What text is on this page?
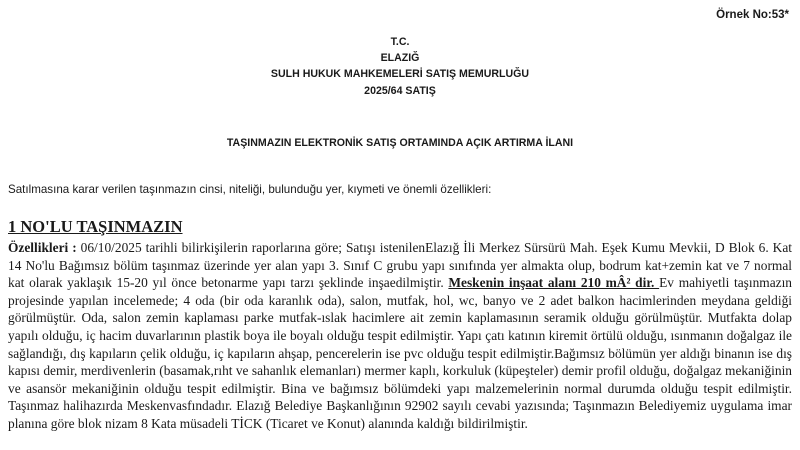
Örnek No:53*
T.C.
ELAZIĞ
SULH HUKUK MAHKEMELERİ SATIŞ MEMURLUĞU
2025/64 SATIŞ
TAŞINMAZIN ELEKTRONİK SATIŞ ORTAMINDA AÇIK ARTIRMA İLANI
Satılmasına karar verilen taşınmazın cinsi, niteliği, bulunduğu yer, kıymeti ve önemli özellikleri:
1 NO'LU TAŞINMAZIN

Özellikleri : 06/10/2025 tarihli bilirkişilerin raporlarına göre; Satışı istenilenElazığ İli Merkez Sürsürü Mah. Eşek Kumu Mevkii, D Blok 6. Kat 14 No'lu Bağımsız bölüm taşınmaz üzerinde yer alan yapı 3. Sınıf C grubu yapı sınıfında yer almakta olup, bodrum kat+zemin kat ve 7 normal kat olarak yaklaşık 15-20 yıl önce betonarme yapı tarzı şeklinde inşaedilmiştir. Meskenin inşaat alanı 210 mÂ² dir. Ev mahiyetli taşınmazın projesinde yapılan incelemede; 4 oda (bir oda karanlık oda), salon, mutfak, hol, wc, banyo ve 2 adet balkon hacimlerinden meydana geldiği görülmüştür. Oda, salon zemin kaplaması parke mutfak-ıslak hacimlere ait zemin kaplamasının seramik olduğu görülmüştür. Mutfakta dolap yapılı olduğu, iç hacim duvarlarının plastik boya ile boyalı olduğu tespit edilmiştir. Yapı çatı katının kiremit örtülü olduğu, ısınmanın doğalgaz ile sağlandığı, dış kapıların çelik olduğu, iç kapıların ahşap, pencerelerin ise pvc olduğu tespit edilmiştir.Bağımsız bölümün yer aldığı binanın ise dış kapısı demir, merdivenlerin (basamak,rıht ve sahanlık elemanları) mermer kaplı, korkuluk (küpeşteler) demir profil olduğu, doğalgaz mekaniğinin ve asansör mekaniğinin olduğu tespit edilmiştir. Bina ve bağımsız bölümdeki yapı malzemelerinin normal durumda olduğu tespit edilmiştir. Taşınmaz halihazırda Meskenvasfındadır. Elazığ Belediye Başkanlığının 92902 sayılı cevabi yazısında; Taşınmazın Belediyemiz uygulama imar planına göre blok nizam 8 Kata müsadeli TİCK (Ticaret ve Konut) alanında kaldığı bildirilmiştir.
